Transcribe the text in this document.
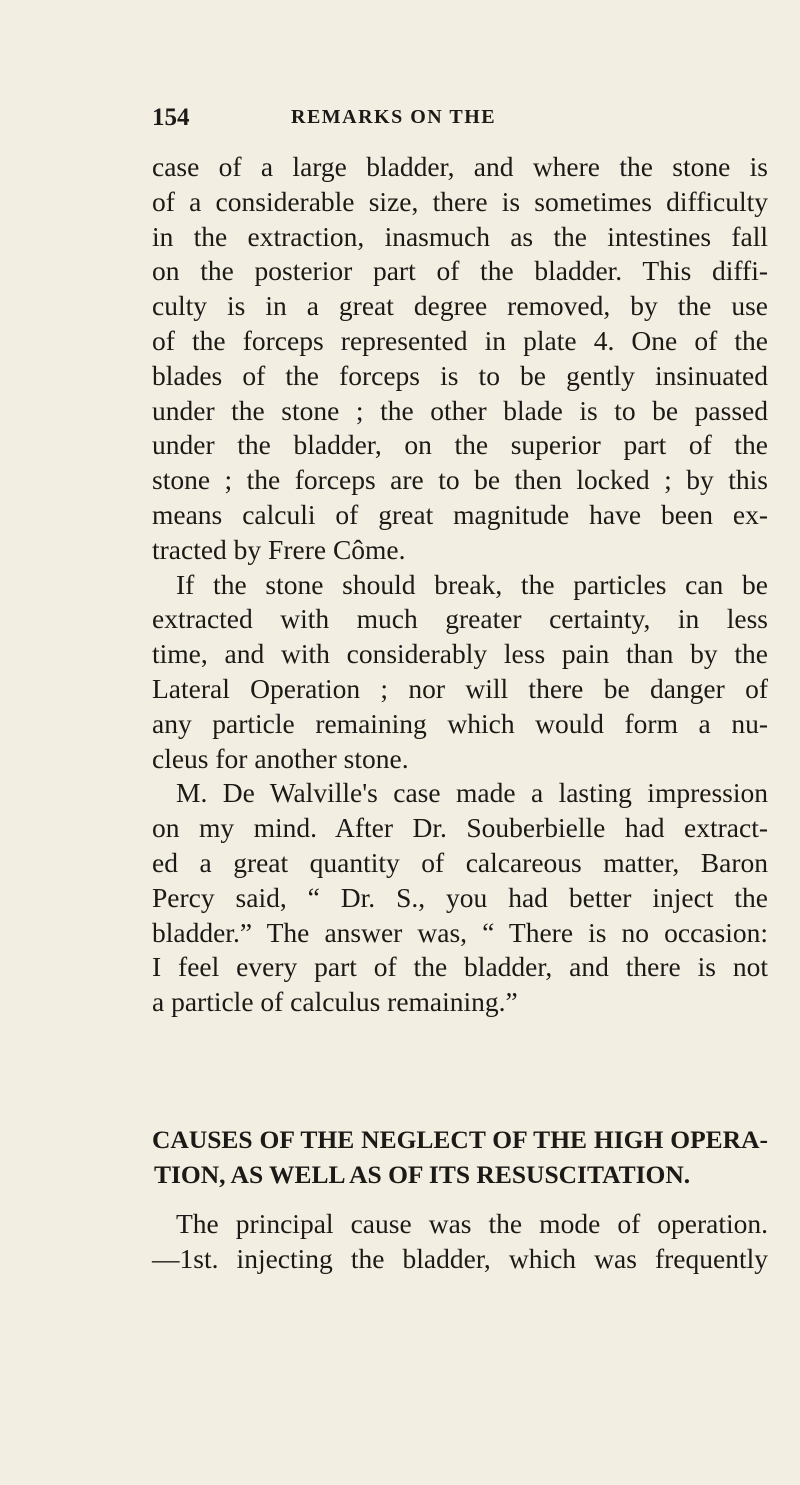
154	REMARKS ON THE
case of a large bladder, and where the stone is
of a considerable size, there is sometimes difficulty
in the extraction, inasmuch as the intestines fall
on the posterior part of the bladder. This diffi-
culty is in a great degree removed, by the use
of the forceps represented in plate 4. One of the
blades of the forceps is to be gently insinuated
under the stone ; the other blade is to be passed
under the bladder, on the superior part of the
stone ; the forceps are to be then locked ; by this
means calculi of great magnitude have been ex-
tracted by Frere Côme.
If the stone should break, the particles can be
extracted with much greater certainty, in less
time, and with considerably less pain than by the
Lateral Operation ; nor will there be danger of
any particle remaining which would form a nu-
cleus for another stone.
M. De Walville's case made a lasting impression
on my mind. After Dr. Souberbielle had extract-
ed a great quantity of calcareous matter, Baron
Percy said, “ Dr. S., you had better inject the
bladder.” The answer was, “ There is no occasion:
I feel every part of the bladder, and there is not
a particle of calculus remaining.”
CAUSES OF THE NEGLECT OF THE HIGH OPERA-
TION, AS WELL AS OF ITS RESUSCITATION.
The principal cause was the mode of operation.
—1st. injecting the bladder, which was frequently
